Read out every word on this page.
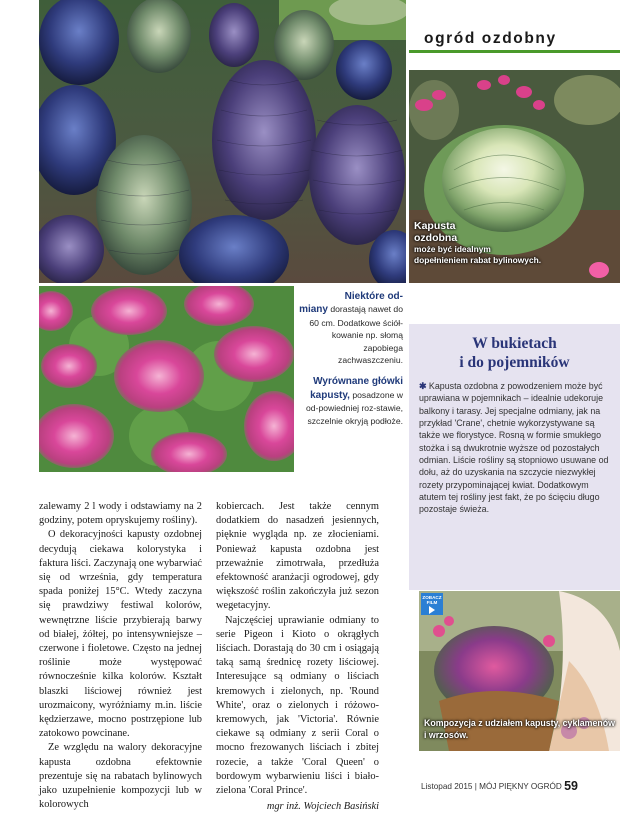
ogród ozdobny
Kapusta
ozdobna
może być idealnym
dopełnieniem rabat bylinowych.

Niektóre od-
miany dorastają nawet do 60 cm. Dodatkowe ściół-kowanie np. słomą zapobiega zachwaszczeniu.

Wyrównane główki kapusty, posadzone w od-powiedniej roz-stawie, szczelnie okryją podłoże.

W bukietach
i do pojemników
✱ Kapusta ozdobna z powodzeniem może być uprawiana w pojemnikach – idealnie udekoruje balkony i tarasy. Jej specjalne odmiany, jak na przykład 'Crane', chetnie wykorzystywane są także we florystyce. Rosną w formie smukłego stożka i są dwukrotnie wyższe od pozostałych odmian. Liście rośliny są stopniowo usuwane od dołu, aż do uzyskania na szczycie niezwykłej rozety przypominającej kwiat. Dodatkowym atutem tej rośliny jest fakt, że po ścięciu długo pozostaje świeża.
ZOBACZ
FILM
Kompozycja z udziałem kapusty, cyklamenów i wrzosów.

zalewamy 2 l wody i odstawiamy na 2 godziny, potem opryskujemy rośliny).

O dekoracyjności kapusty ozdobnej decydują ciekawa kolorystyka i faktura liści. Zaczynają one wybarwiać się od września, gdy temperatura spada poniżej 15°C. Wtedy zaczyna się prawdziwy festiwal kolorów, wewnętrzne liście przybierają barwy od białej, żółtej, po intensywniejsze – czerwone i fioletowe. Często na jednej roślinie może występować równocześnie kilka kolorów. Kształt blaszki liściowej również jest urozmaicony, wyróżniamy m.in. liście kędzierzawe, mocno postrzępione lub zatokowo powcinane.

Ze względu na walory dekoracyjne kapusta ozdobna efektownie prezentuje się na rabatach bylinowych jako uzupełnienie kompozycji lub w kolorowych

kobiercach. Jest także cennym dodatkiem do nasadzeń jesiennych, pięknie wygląda np. ze złocieniami. Ponieważ kapusta ozdobna jest przeważnie zimotrwała, przedłuża efektowność aranżacji ogrodowej, gdy większość roślin zakończyła już sezon wegetacyjny.

Najczęściej uprawianie odmiany to serie Pigeon i Kioto o okrągłych liściach. Dorastają do 30 cm i osiągają taką samą średnicę rozety liściowej. Interesujące są odmiany o liściach kremowych i zielonych, np. 'Round White', oraz o zielonych i różowo-kremowych, jak 'Victoria'. Równie ciekawe są odmiany z serii Coral o mocno frezowanych liściach i zbitej rozecie, a także 'Coral Queen' o bordowym wybarwieniu liści i biało-zielona 'Coral Prince'.

mgr inż. Wojciech Basiński

Listopad 2015 | MÓJ PIĘKNY OGRÓD 59
